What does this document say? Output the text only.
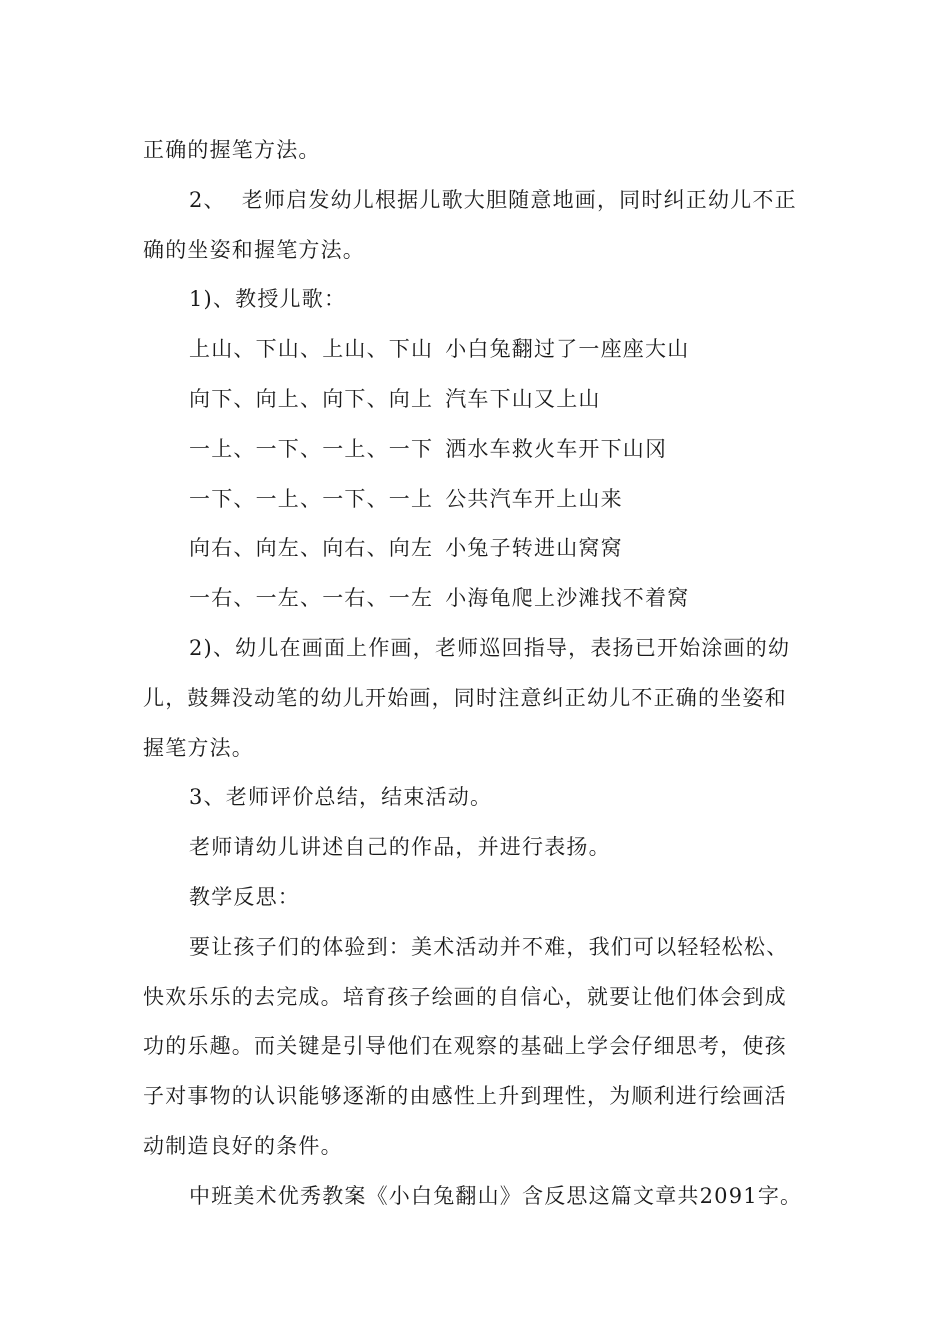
正确的握笔方法。

2、 老师启发幼儿根据儿歌大胆随意地画，同时纠正幼儿不正

确的坐姿和握笔方法。

1)、教授儿歌：

上山、下山、上山、下山 小白兔翻过了一座座大山

向下、向上、向下、向上 汽车下山又上山

一上、一下、一上、一下 洒水车救火车开下山冈

一下、一上、一下、一上 公共汽车开上山来

向右、向左、向右、向左 小兔子转进山窝窝

一右、一左、一右、一左 小海龟爬上沙滩找不着窝

2)、幼儿在画面上作画，老师巡回指导，表扬已开始涂画的幼

儿，鼓舞没动笔的幼儿开始画，同时注意纠正幼儿不正确的坐姿和

握笔方法。

3、老师评价总结，结束活动。

老师请幼儿讲述自己的作品，并进行表扬。

教学反思：

要让孩子们的体验到：美术活动并不难，我们可以轻轻松松、

快欢乐乐的去完成。培育孩子绘画的自信心，就要让他们体会到成

功的乐趣。而关键是引导他们在观察的基础上学会仔细思考，使孩

子对事物的认识能够逐渐的由感性上升到理性，为顺利进行绘画活

动制造良好的条件。

中班美术优秀教案《小白兔翻山》含反思这篇文章共2091字。
